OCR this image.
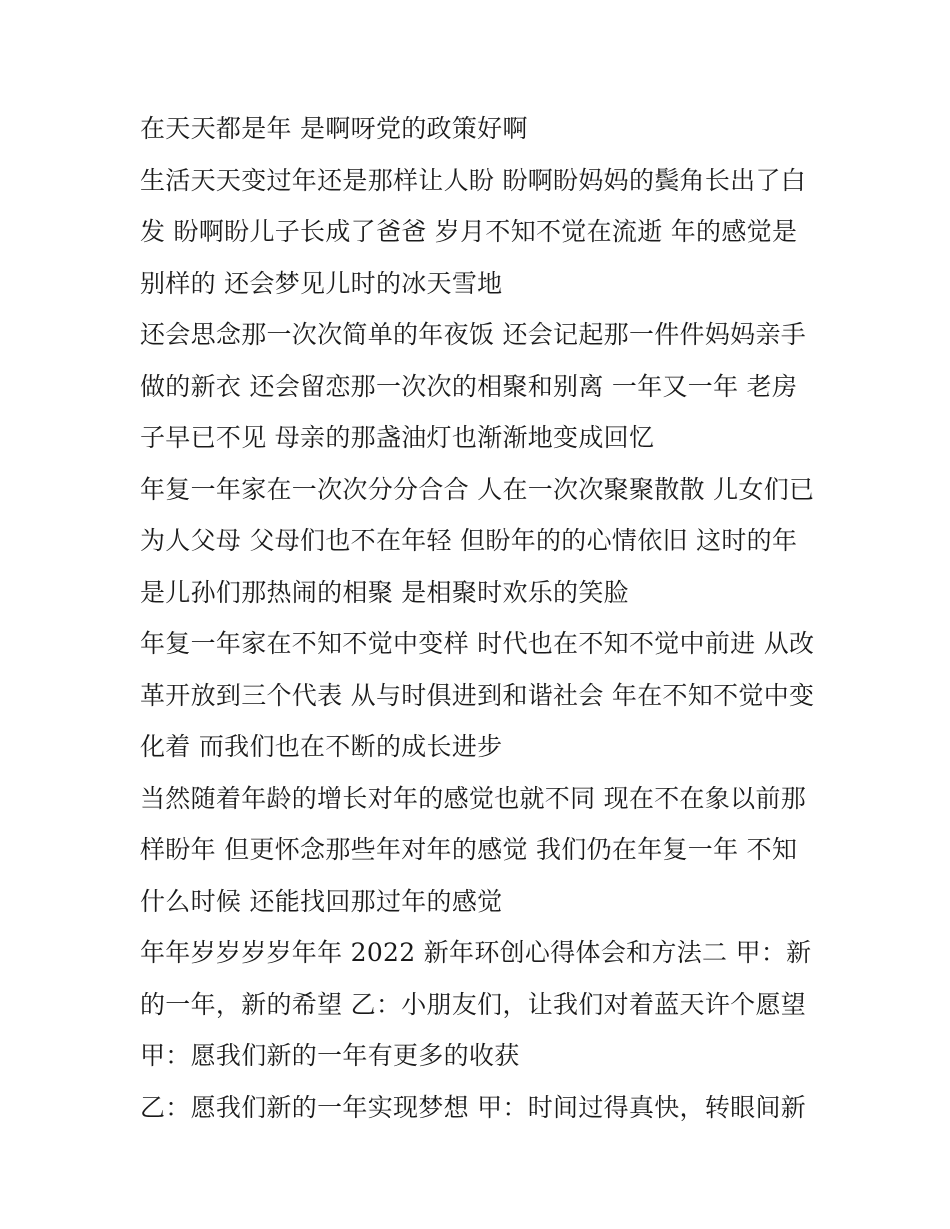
在天天都是年 是啊呀党的政策好啊

生活天天变过年还是那样让人盼 盼啊盼妈妈的鬓角长出了白发 盼啊盼儿子长成了爸爸 岁月不知不觉在流逝 年的感觉是别样的 还会梦见儿时的冰天雪地

还会思念那一次次简单的年夜饭 还会记起那一件件妈妈亲手做的新衣 还会留恋那一次次的相聚和别离 一年又一年 老房子早已不见 母亲的那盏油灯也渐渐地变成回忆

年复一年家在一次次分分合合 人在一次次聚聚散散 儿女们已为人父母 父母们也不在年轻 但盼年的的心情依旧 这时的年是儿孙们那热闹的相聚 是相聚时欢乐的笑脸

年复一年家在不知不觉中变样 时代也在不知不觉中前进 从改革开放到三个代表 从与时俱进到和谐社会 年在不知不觉中变化着 而我们也在不断的成长进步

当然随着年龄的增长对年的感觉也就不同 现在不在象以前那样盼年 但更怀念那些年对年的感觉 我们仍在年复一年 不知什么时候 还能找回那过年的感觉

年年岁岁岁岁年年 2022 新年环创心得体会和方法二 甲：新的一年，新的希望 乙：小朋友们，让我们对着蓝天许个愿望

甲：愿我们新的一年有更多的收获

乙：愿我们新的一年实现梦想 甲：时间过得真快，转眼间新
